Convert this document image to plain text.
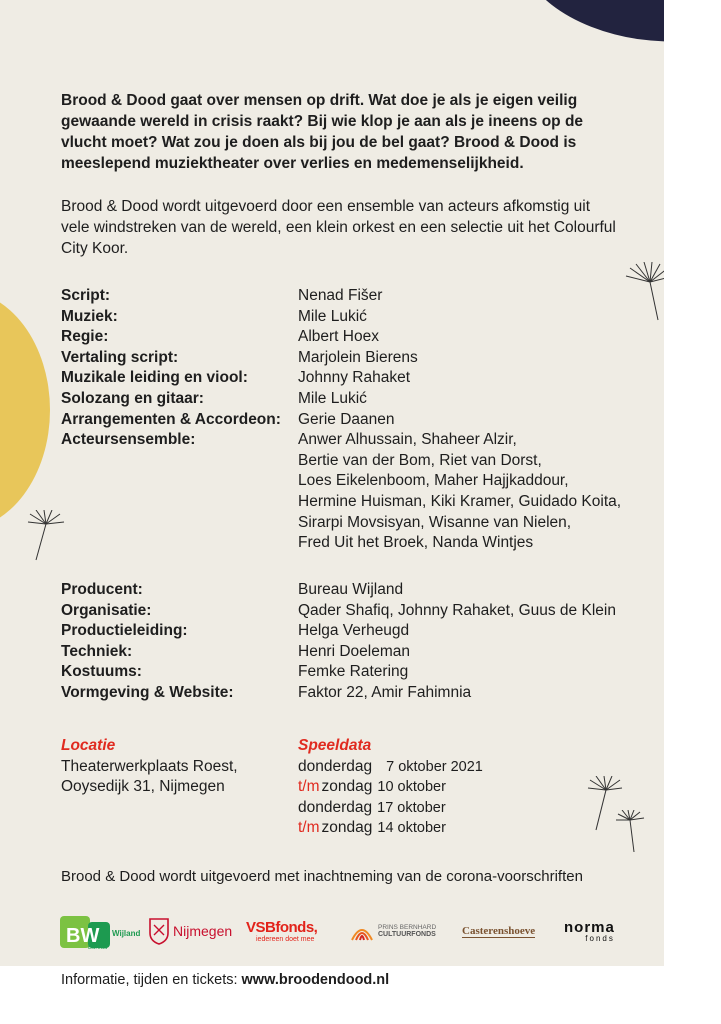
Brood & Dood gaat over mensen op drift. Wat doe je als je eigen veilig gewaande wereld in crisis raakt? Bij wie klop je aan als je ineens op de vlucht moet? Wat zou je doen als bij jou de bel gaat? Brood & Dood is meeslepend muziektheater over verlies en medemenselijkheid.

Brood & Dood wordt uitgevoerd door een ensemble van acteurs afkomstig uit vele windstreken van de wereld, een klein orkest en een selectie uit het Colourful City Koor.

Script:	Nenad Fišer
Muziek:	Mile Lukić
Regie:	Albert Hoex
Vertaling script:	Marjolein Bierens
Muzikale leiding en viool:	Johnny Rahaket
Solozang en gitaar:	Mile Lukić
Arrangementen & Accordeon:	Gerie Daanen
Acteursensemble:	Anwer Alhussain, Shaheer Alzir,
Bertie van der Bom, Riet van Dorst,
Loes Eikelenboom, Maher Hajjkaddour,
Hermine Huisman, Kiki Kramer, Guidado Koita,
Sirarpi Movsisyan, Wisanne van Nielen,
Fred Uit het Broek, Nanda Wintjes
Producent:	Bureau Wijland
Organisatie:	Qader Shafiq, Johnny Rahaket, Guus de Klein
Productieleiding:	Helga Verheugd
Techniek:	Henri Doeleman
Kostuums:	Femke Ratering
Vormgeving & Website:	Faktor 22, Amir Fahimnia
Locatie
Theaterwerkplaats Roest,
Ooysedijk 31, Nijmegen
Speeldata
donderdag 7 oktober 2021
t/m zondag 10 oktober
donderdag 17 oktober
t/m zondag 14 oktober
Brood & Dood wordt uitgevoerd met inachtneming van de corona-voorschriften
BW Wijland
Bureau
Nijmegen VSBfonds,
iedereen doet mee
PRINS BERNHARD
CULTUURFONDS Casterenshoeve norma
fonds
Informatie, tijden en tickets: www.broodendood.nl
